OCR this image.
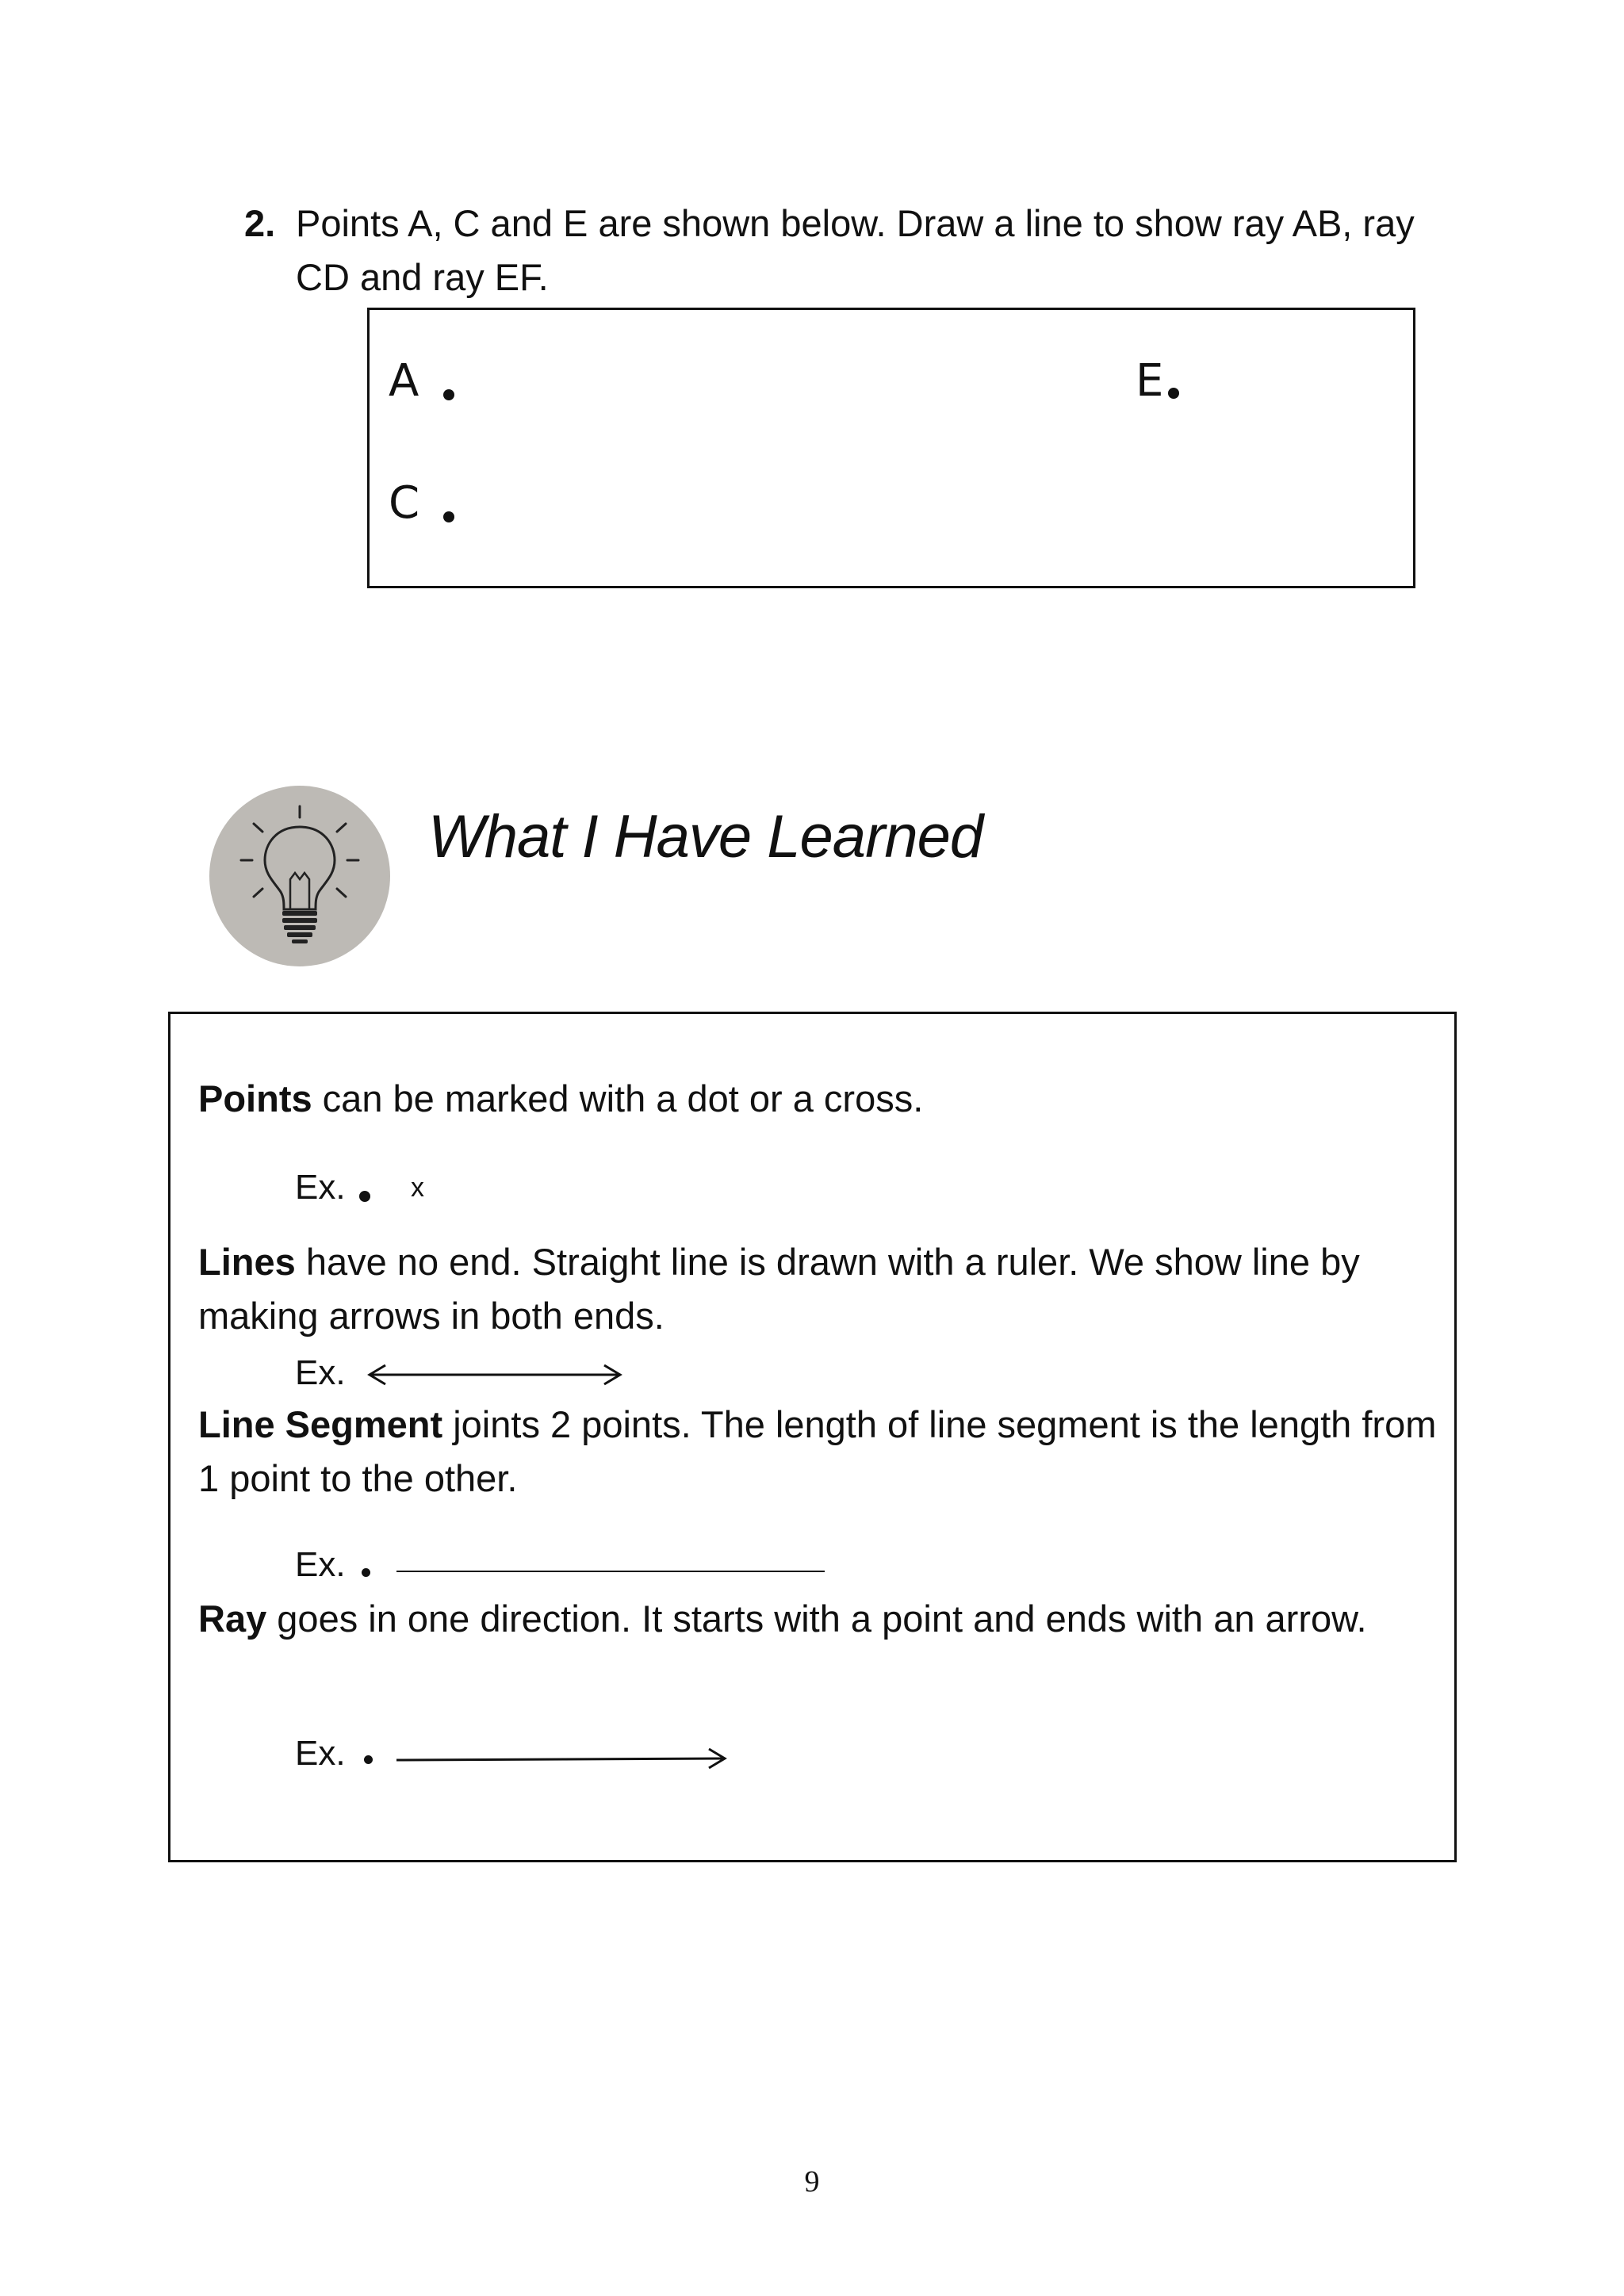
2. Points A, C and E are shown below. Draw a line to show ray AB, ray CD and ray EF.
A
C
E
What I Have Learned
Points can be marked with a dot or a cross.
Ex. x
Lines have no end. Straight line is drawn with a ruler. We show line by making arrows in both ends.
Ex.
Line Segment joints 2 points. The length of line segment is the length from 1 point to the other.
Ex.
Ray goes in one direction. It starts with a point and ends with an arrow.
Ex.
9
